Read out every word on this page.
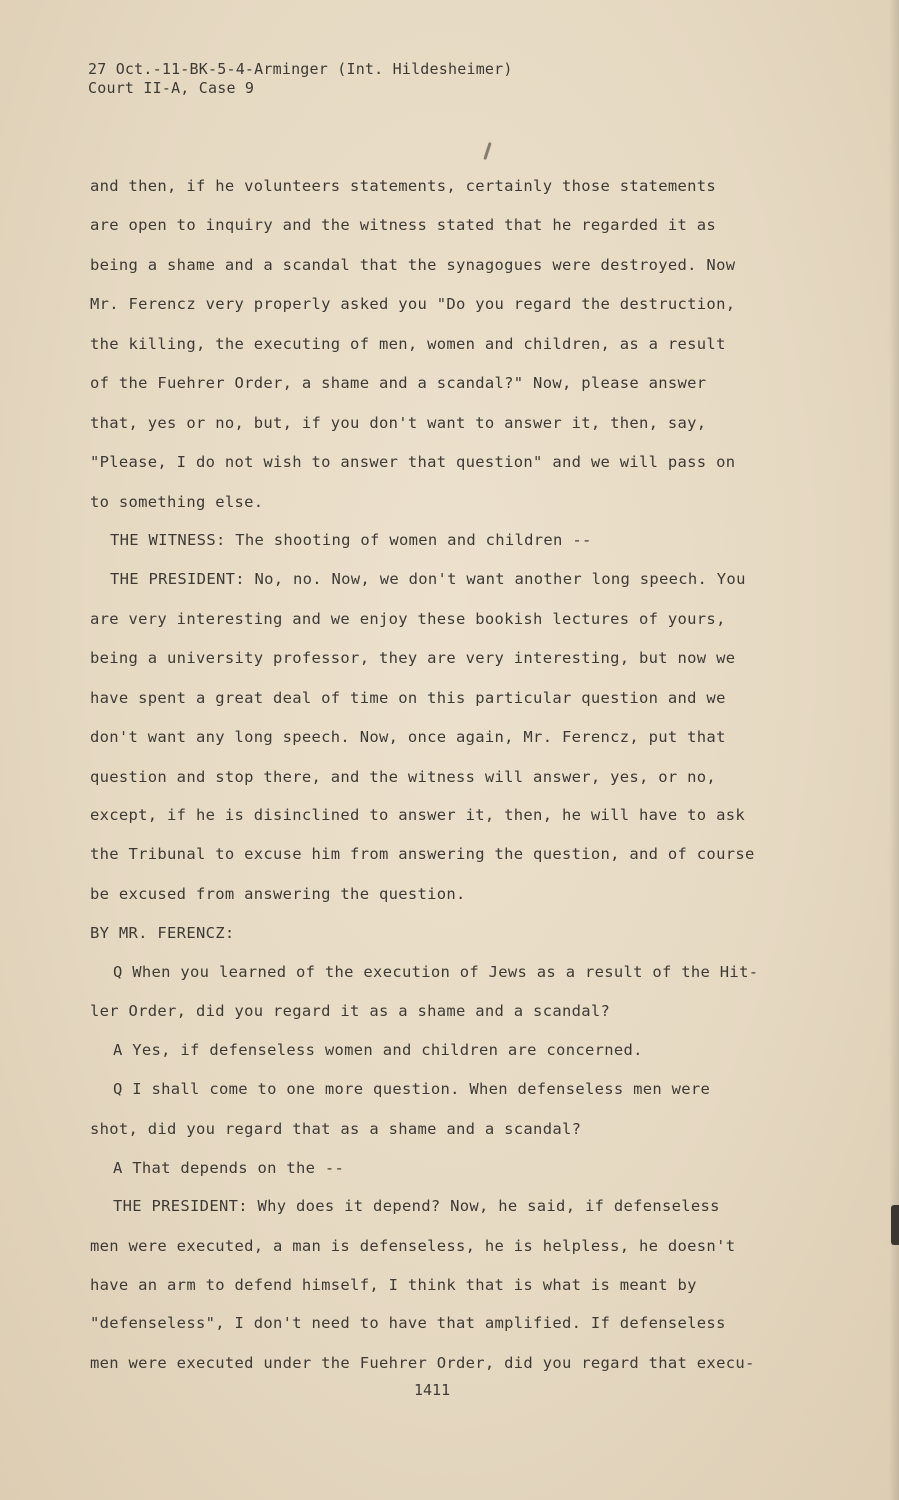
27 Oct.-11-BK-5-4-Arminger (Int. Hildesheimer)
Court II-A, Case 9
and then, if he volunteers statements, certainly those statements
are open to inquiry and the witness stated that he regarded it as
being a shame and a scandal that the synagogues were destroyed. Now
Mr. Ferencz very properly asked you "Do you regard the destruction,
the killing, the executing of men, women and children, as a result
of the Fuehrer Order, a shame and a scandal?" Now, please answer
that, yes or no, but, if you don't want to answer it, then, say,
"Please, I do not wish to answer that question" and we will pass on
to something else.
THE WITNESS: The shooting of women and children --
THE PRESIDENT: No, no. Now, we don't want another long speech. You
are very interesting and we enjoy these bookish lectures of yours,
being a university professor, they are very interesting, but now we
have spent a great deal of time on this particular question and we
don't want any long speech. Now, once again, Mr. Ferencz, put that
question and stop there, and the witness will answer, yes, or no,
except, if he is disinclined to answer it, then, he will have to ask
the Tribunal to excuse him from answering the question, and of course
be excused from answering the question.
BY MR. FERENCZ:
Q When you learned of the execution of Jews as a result of the Hit-
ler Order, did you regard it as a shame and a scandal?
A Yes, if defenseless women and children are concerned.
Q I shall come to one more question. When defenseless men were
shot, did you regard that as a shame and a scandal?
A That depends on the --
THE PRESIDENT: Why does it depend? Now, he said, if defenseless
men were executed, a man is defenseless, he is helpless, he doesn't
have an arm to defend himself, I think that is what is meant by
"defenseless", I don't need to have that amplified. If defenseless
men were executed under the Fuehrer Order, did you regard that execu-
1411
